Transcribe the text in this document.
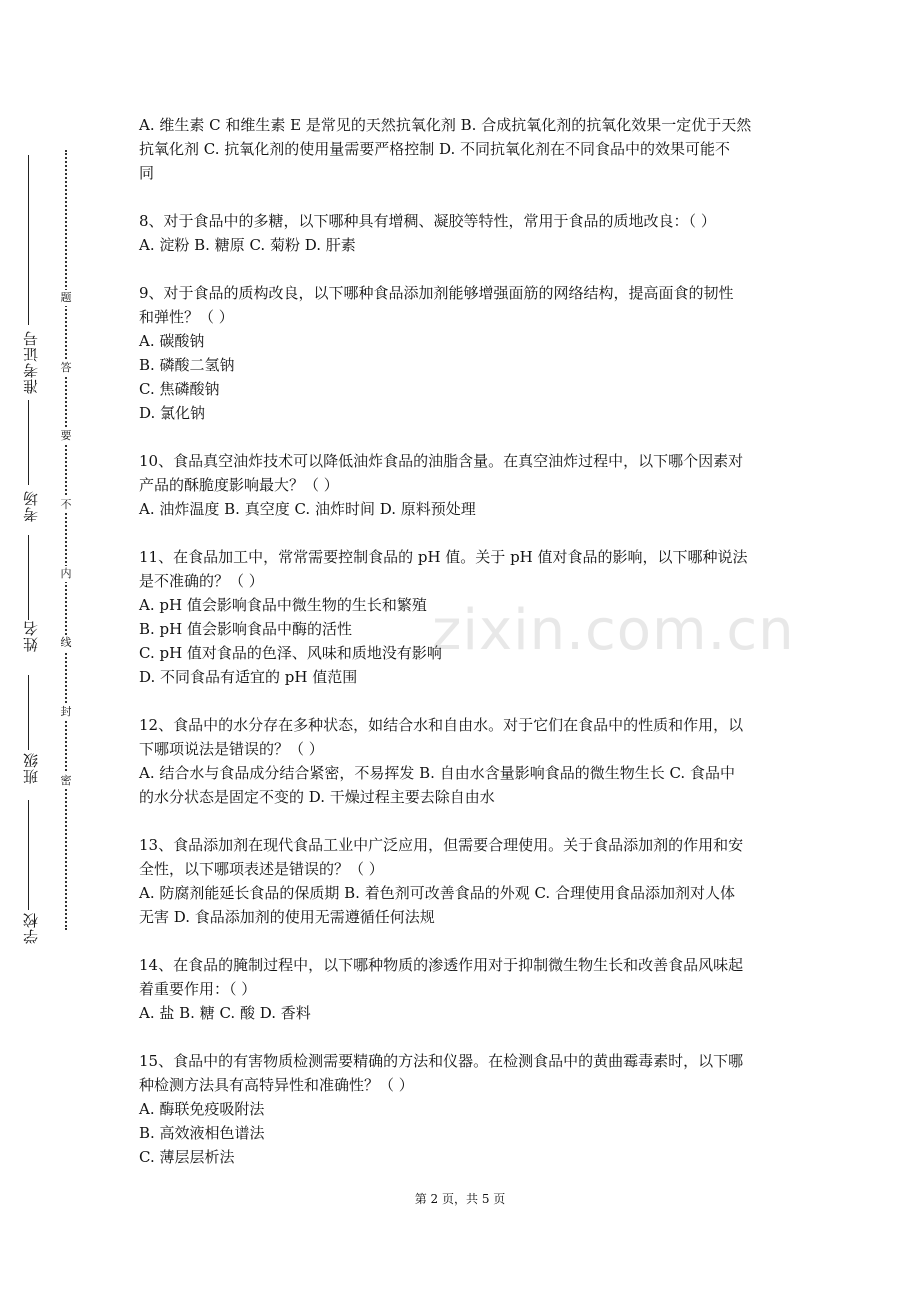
准考证号
考场
姓名
班级
学校
题
答
要
不
内
线
封
密
zixin.com.cn
A. 维生素 C 和维生素 E 是常见的天然抗氧化剂 B. 合成抗氧化剂的抗氧化效果一定优于天然
抗氧化剂 C. 抗氧化剂的使用量需要严格控制 D. 不同抗氧化剂在不同食品中的效果可能不
同
8、对于食品中的多糖，以下哪种具有增稠、凝胶等特性，常用于食品的质地改良：（ ）
A. 淀粉 B. 糖原 C. 菊粉 D. 肝素
9、对于食品的质构改良，以下哪种食品添加剂能够增强面筋的网络结构，提高面食的韧性
和弹性？（ ）
A. 碳酸钠
B. 磷酸二氢钠
C. 焦磷酸钠
D. 氯化钠
10、食品真空油炸技术可以降低油炸食品的油脂含量。在真空油炸过程中，以下哪个因素对
产品的酥脆度影响最大？（ ）
A. 油炸温度 B. 真空度 C. 油炸时间 D. 原料预处理
11、在食品加工中，常常需要控制食品的 pH 值。关于 pH 值对食品的影响，以下哪种说法
是不准确的？（ ）
A. pH 值会影响食品中微生物的生长和繁殖
B. pH 值会影响食品中酶的活性
C. pH 值对食品的色泽、风味和质地没有影响
D. 不同食品有适宜的 pH 值范围
12、食品中的水分存在多种状态，如结合水和自由水。对于它们在食品中的性质和作用，以
下哪项说法是错误的？（ ）
A. 结合水与食品成分结合紧密，不易挥发 B. 自由水含量影响食品的微生物生长 C. 食品中
的水分状态是固定不变的 D. 干燥过程主要去除自由水
13、食品添加剂在现代食品工业中广泛应用，但需要合理使用。关于食品添加剂的作用和安
全性，以下哪项表述是错误的？（ ）
A. 防腐剂能延长食品的保质期 B. 着色剂可改善食品的外观 C. 合理使用食品添加剂对人体
无害 D. 食品添加剂的使用无需遵循任何法规
14、在食品的腌制过程中，以下哪种物质的渗透作用对于抑制微生物生长和改善食品风味起
着重要作用：（ ）
A. 盐 B. 糖 C. 酸 D. 香料
15、食品中的有害物质检测需要精确的方法和仪器。在检测食品中的黄曲霉毒素时，以下哪
种检测方法具有高特异性和准确性？（ ）
A. 酶联免疫吸附法
B. 高效液相色谱法
C. 薄层层析法
第 2 页，共 5 页
